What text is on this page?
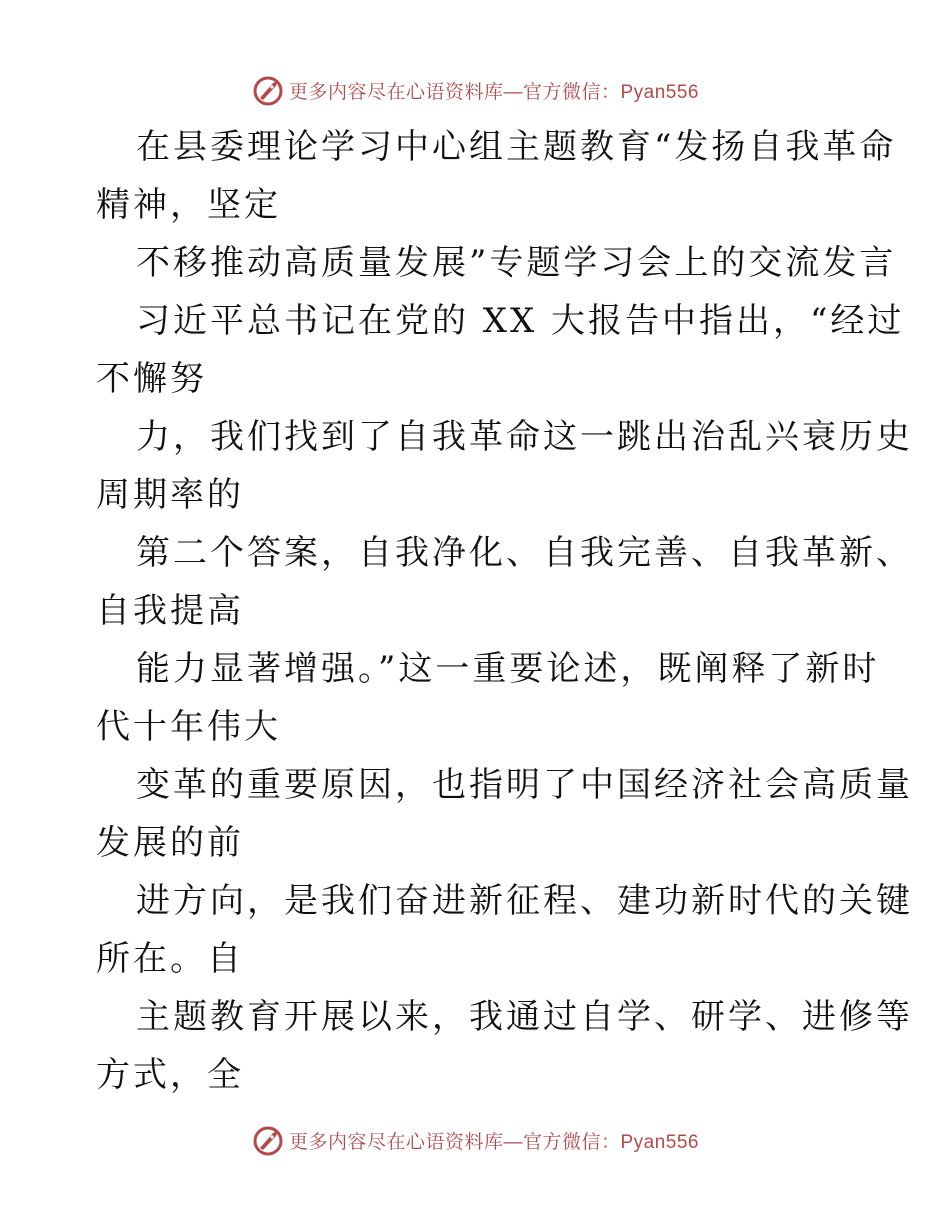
更多内容尽在心语资料库—官方微信：Pyan556
在县委理论学习中心组主题教育“发扬自我革命
精神，坚定
不移推动高质量发展”专题学习会上的交流发言
习近平总书记在党的 XX 大报告中指出，“经过
不懈努
力，我们找到了自我革命这一跳出治乱兴衰历史
周期率的
第二个答案，自我净化、自我完善、自我革新、
自我提高
能力显著增强。”这一重要论述，既阐释了新时
代十年伟大
变革的重要原因，也指明了中国经济社会高质量
发展的前
进方向，是我们奋进新征程、建功新时代的关键
所在。自
主题教育开展以来，我通过自学、研学、进修等
方式，全
更多内容尽在心语资料库—官方微信：Pyan556
